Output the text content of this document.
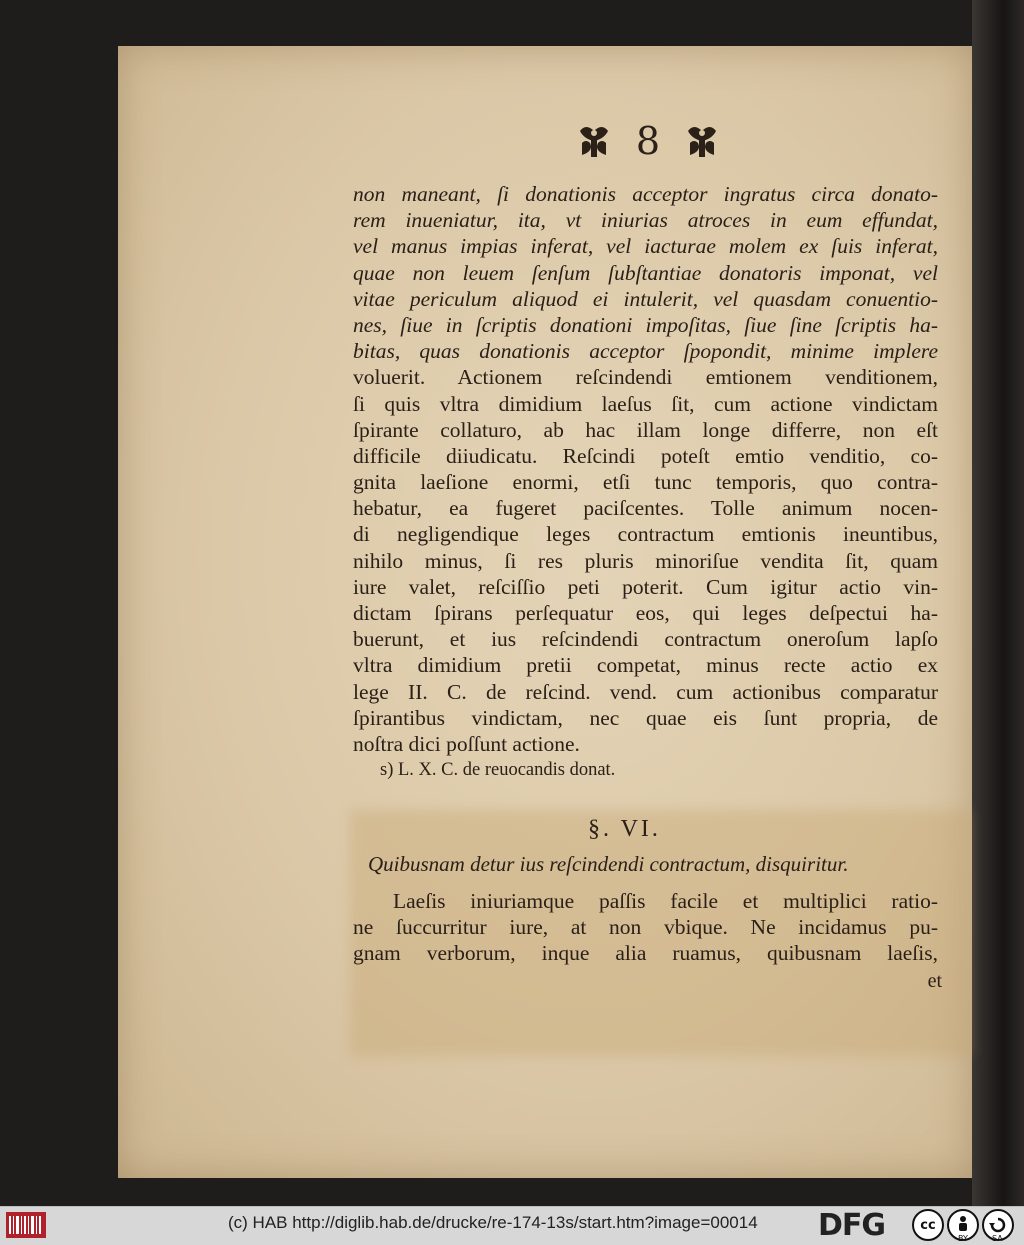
8
non maneant, ſi donationis acceptor ingratus circa donato-
rem inueniatur, ita, vt iniurias atroces in eum effundat,
vel manus impias inferat, vel iacturae molem ex ſuis inferat,
quae non leuem ſenſum ſubſtantiae donatoris imponat, vel
vitae periculum aliquod ei intulerit, vel quasdam conuentio-
nes, ſiue in ſcriptis donationi impoſitas, ſiue ſine ſcriptis ha-
bitas, quas donationis acceptor ſpopondit, minime implere
voluerit. Actionem reſcindendi emtionem venditionem,
ſi quis vltra dimidium laeſus ſit, cum actione vindictam
ſpirante collaturo, ab hac illam longe differre, non eſt
difficile diiudicatu. Reſcindi poteſt emtio venditio, co-
gnita laeſione enormi, etſi tunc temporis, quo contra-
hebatur, ea fugeret paciſcentes. Tolle animum nocen-
di negligendique leges contractum emtionis ineuntibus,
nihilo minus, ſi res pluris minoriſue vendita ſit, quam
iure valet, reſciſſio peti poterit. Cum igitur actio vin-
dictam ſpirans perſequatur eos, qui leges deſpectui ha-
buerunt, et ius reſcindendi contractum oneroſum lapſo
vltra dimidium pretii competat, minus recte actio ex
lege II. C. de reſcind. vend. cum actionibus comparatur
ſpirantibus vindictam, nec quae eis ſunt propria, de
noſtra dici poſſunt actione.
s) L. X. C. de reuocandis donat.
§. VI.
Quibusnam detur ius reſcindendi contractum, disquiritur.
Laeſis iniuriamque paſſis facile et multiplici ratio-
ne ſuccurritur iure, at non vbique. Ne incidamus pu-
gnam verborum, inque alia ruamus, quibusnam laeſis,
et
(c) HAB http://diglib.hab.de/drucke/re-174-13s/start.htm?image=00014 DFG	cc
BY	SA
